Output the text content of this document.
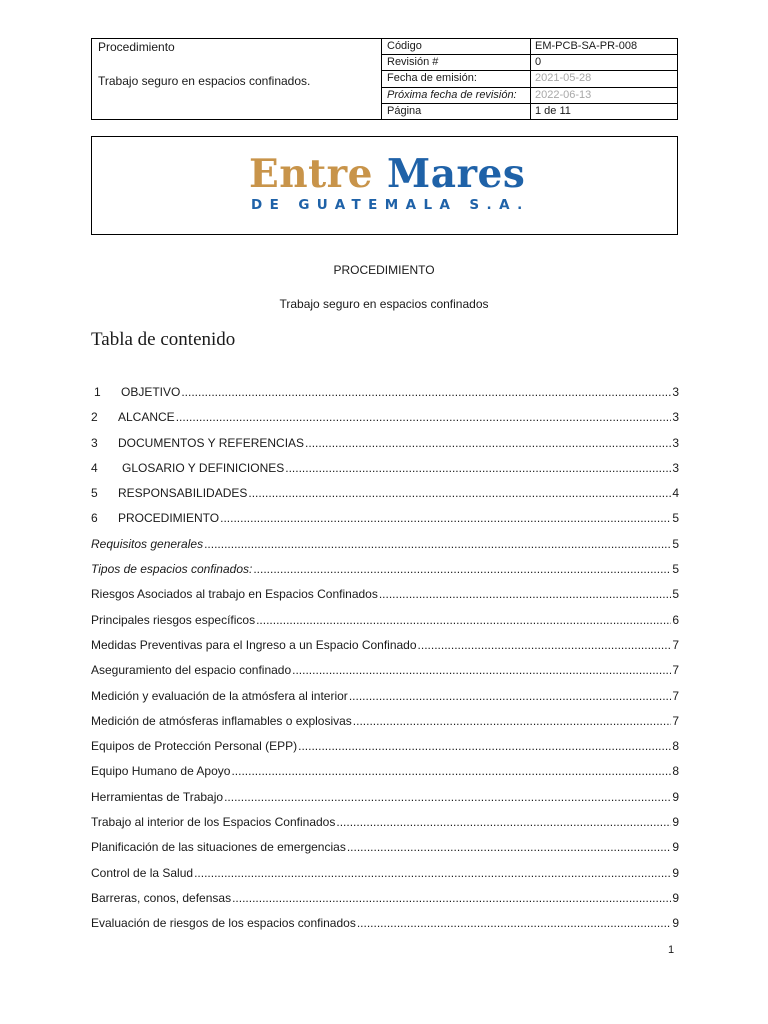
Procedimiento
Trabajo seguro en espacios confinados.
Código	EM-PCB-SA-PR-008
Revisión #	0
Fecha de emisión:	2021-05-28
Próxima fecha de revisión:	2022-06-13
Página	1 de 11
Entre Mares
DE GUATEMALA S.A.
PROCEDIMIENTO
Trabajo seguro en espacios confinados
Tabla de contenido
1 OBJETIVO .....	3
2 ALCANCE .....	3
3 DOCUMENTOS Y REFERENCIAS .....	3
4 GLOSARIO Y DEFINICIONES .....	3
5 RESPONSABILIDADES .....	4
6 PROCEDIMIENTO .....	5
Requisitos generales .....	5
Tipos de espacios confinados: .....	5
Riesgos Asociados al trabajo en Espacios Confinados .....	5
Principales riesgos específicos .....	6
Medidas Preventivas para el Ingreso a un Espacio Confinado .....	7
Aseguramiento del espacio confinado .....	7
Medición y evaluación de la atmósfera al interior .....	7
Medición de atmósferas inflamables o explosivas .....	7
Equipos de Protección Personal (EPP) .....	8
Equipo Humano de Apoyo .....	8
Herramientas de Trabajo .....	9
Trabajo al interior de los Espacios Confinados .....	9
Planificación de las situaciones de emergencias .....	9
Control de la Salud .....	9
Barreras, conos, defensas .....	9
Evaluación de riesgos de los espacios confinados .....	9
1
